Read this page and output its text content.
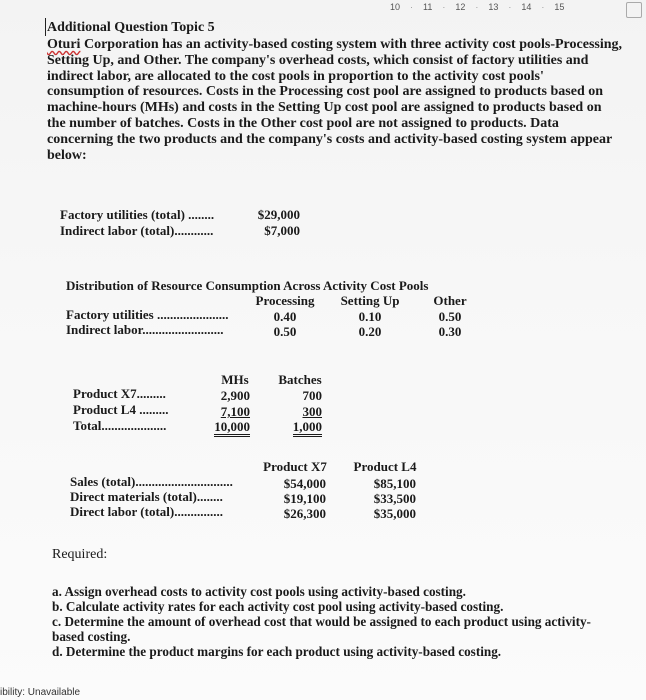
10 · 11 · 12 · 13 · 14 · 15
Additional Question Topic 5
Oturi Corporation has an activity-based costing system with three activity cost pools-Processing, Setting Up, and Other. The company's overhead costs, which consist of factory utilities and indirect labor, are allocated to the cost pools in proportion to the activity cost pools' consumption of resources. Costs in the Processing cost pool are assigned to products based on machine-hours (MHs) and costs in the Setting Up cost pool are assigned to products based on the number of batches. Costs in the Other cost pool are not assigned to products. Data concerning the two products and the company's costs and activity-based costing system appear below:
Factory utilities (total) ........	$29,000
Indirect labor (total)............	$7,000
Distribution of Resource Consumption Across Activity Cost Pools
Processing	Setting Up	Other
Factory utilities ......................	0.40	0.10	0.50
Indirect labor.........................	0.50	0.20	0.30
MHs	Batches
Product X7.........	2,900	700
Product L4 .........	7,100	300
Total....................	10,000	1,000
Product X7	Product L4
Sales (total)..............................	$54,000	$85,100
Direct materials (total)........	$19,100	$33,500
Direct labor (total)...............	$26,300	$35,000
Required:
a. Assign overhead costs to activity cost pools using activity-based costing.
b. Calculate activity rates for each activity cost pool using activity-based costing.
c. Determine the amount of overhead cost that would be assigned to each product using activity-based costing.
d. Determine the product margins for each product using activity-based costing.
ibility: Unavailable
